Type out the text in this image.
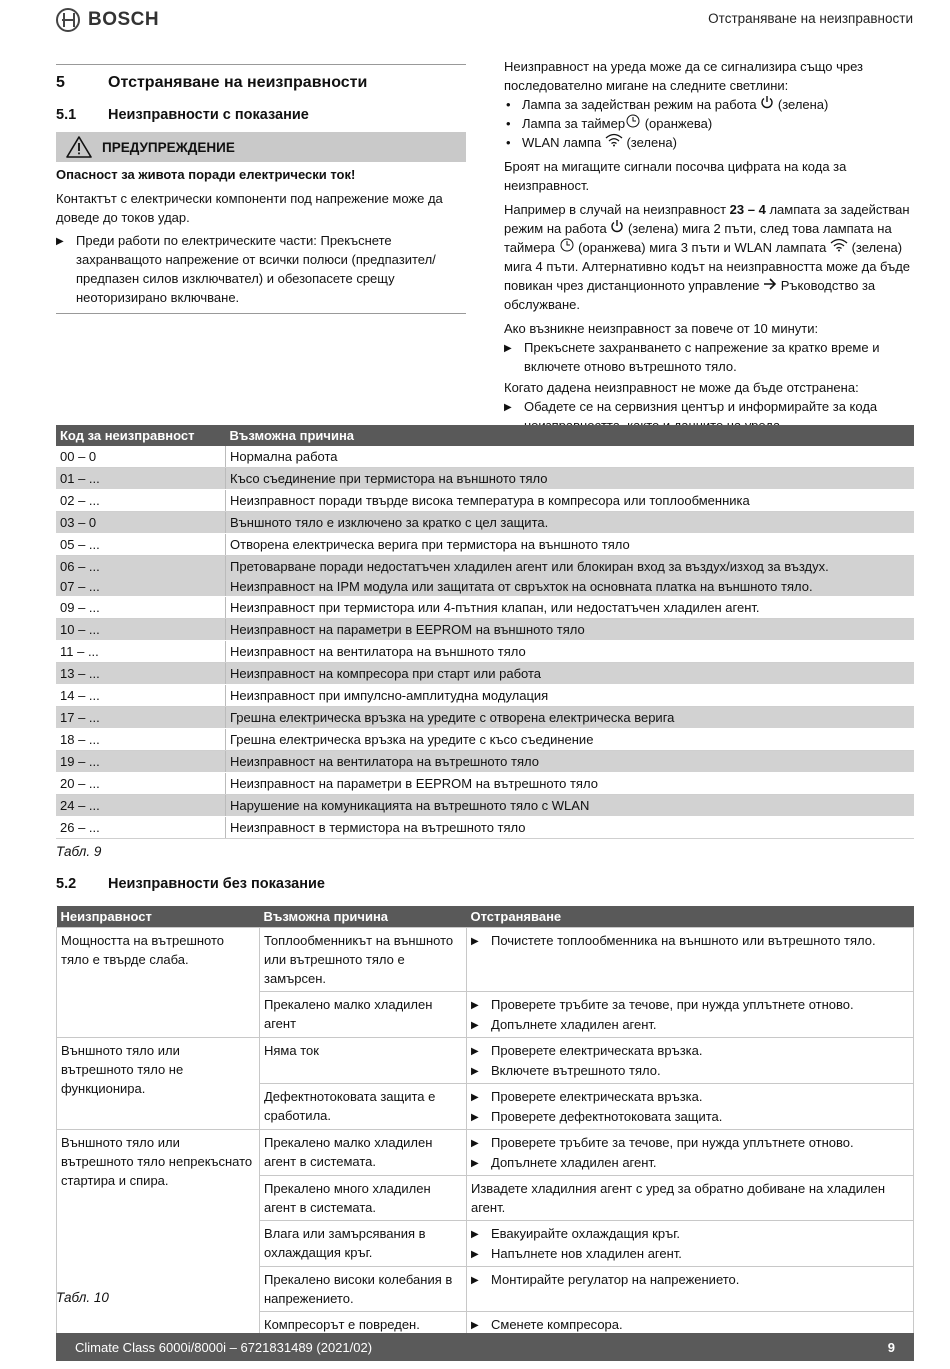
BOSCH	Отстраняване на неизправности
5	Отстраняване на неизправности
5.1 Неизправности с показание
ПРЕДУПРЕЖДЕНИЕ
Опасност за живота поради електрически ток!
Контактът с електрически компоненти под напрежение може да доведе до токов удар.
▶ Преди работи по електрическите части: Прекъснете захранващото напрежение от всички полюси (предпазител/ предпазен силов изключвател) и обезопасете срещу неоторизирано включване.
Неизправност на уреда може да се сигнализира също чрез последователно мигане на следните светлини:
• Лампа за задействан режим на работа (зелена)
• Лампа за таймер (оранжева)
• WLAN лампа (зелена)
Броят на мигащите сигнали посочва цифрата на кода за неизправност.
Например в случай на неизправност 23 – 4 лампата за задействан режим на работа  (зелена) мига 2 пъти, след това лампата на таймера  (оранжева) мига 3 пъти и WLAN лампата  (зелена) мига 4 пъти. Алтернативно кодът на неизправността може да бъде повикан чрез дистанционното управление  Ръководство за обслужване.
Ако възникне неизправност за повече от 10 минути:
▶ Прекъснете захранването с напрежение за кратко време и включете отново вътрешното тяло.
Когато дадена неизправност не може да бъде отстранена:
▶ Обадете се на сервизния център и информирайте за кода
Код за неизправност	Възможна причина
00 – 0	Нормална работа
01 – ...	Късо съединение при термистора на външното тяло
02 – ...	Неизправност поради твърде висока температура в компресора или топлообменника
03 – 0	Външното тяло е изключено за кратко с цел защита.
05 – ...	Отворена електрическа верига при термистора на външното тяло
06 – ...	Претоварване поради недостатъчен хладилен агент или блокиран вход за въздух/изход за въздух.
07 – ...	Неизправност на IPM модула или защитата от свръхток на основната платка на външното тяло.
09 – ...	Неизправност при термистора или 4-пътния клапан, или недостатъчен хладилен агент.
10 – ...	Неизправност на параметри в EEPROM на външното тяло
11 – ...	Неизправност на вентилатора на външното тяло
13 – ...	Неизправност на компресора при старт или работа
14 – ...	Неизправност при импулсно-амплитудна модулация
17 – ...	Грешна електрическа връзка на уредите с отворена електрическа верига
18 – ...	Грешна електрическа връзка на уредите с късо съединение
19 – ...	Неизправност на вентилатора на вътрешното тяло
20 – ...	Неизправност на параметри в EEPROM на вътрешното тяло
24 – ...	Нарушение на комуникацията на вътрешното тяло с WLAN
26 – ...	Неизправност в термистора на вътрешното тяло
Табл. 9
5.2 Неизправности без показание
Неизправност	Възможна причина	Отстраняване
Мощността на вътрешното тяло е твърде слаба.	Топлообменникът на външното или вътрешното тяло е замърсен.	▶ Почистете топлообменника на външното или вътрешното тяло.

	Прекалено малко хладилен агент	▶ Проверете тръбите за течове, при нужда уплътнете отново.
▶ Допълнете хладилен агент.

Външното тяло или вътрешното тяло не функционира.	Няма ток	▶ Проверете електрическата връзка.
▶ Включете вътрешното тяло.

	Дефектнотоковата защита е сработила.	▶ Проверете електрическата връзка.
▶ Проверете дефектнотоковата защита.

Външното тяло или вътрешното тяло непрекъснато стартира и спира.	Прекалено малко хладилен агент в системата.	▶ Проверете тръбите за течове, при нужда уплътнете отново.
▶ Допълнете хладилен агент.

	Прекалено много хладилен агент в системата.	Извадете хладилния агент с уред за обратно добиване на хладилен агент.

	Влага или замърсявания в охлаждащия кръг.	▶ Евакуирайте охлаждащия кръг.
▶ Напълнете нов хладилен агент.

	Прекалено високи колебания в напрежението.	▶ Монтирайте регулатор на напрежението.

	Компресорът е повреден.	▶ Сменете компресора.
Табл. 10
Climate Class 6000i/8000i – 6721831489 (2021/02)	9
